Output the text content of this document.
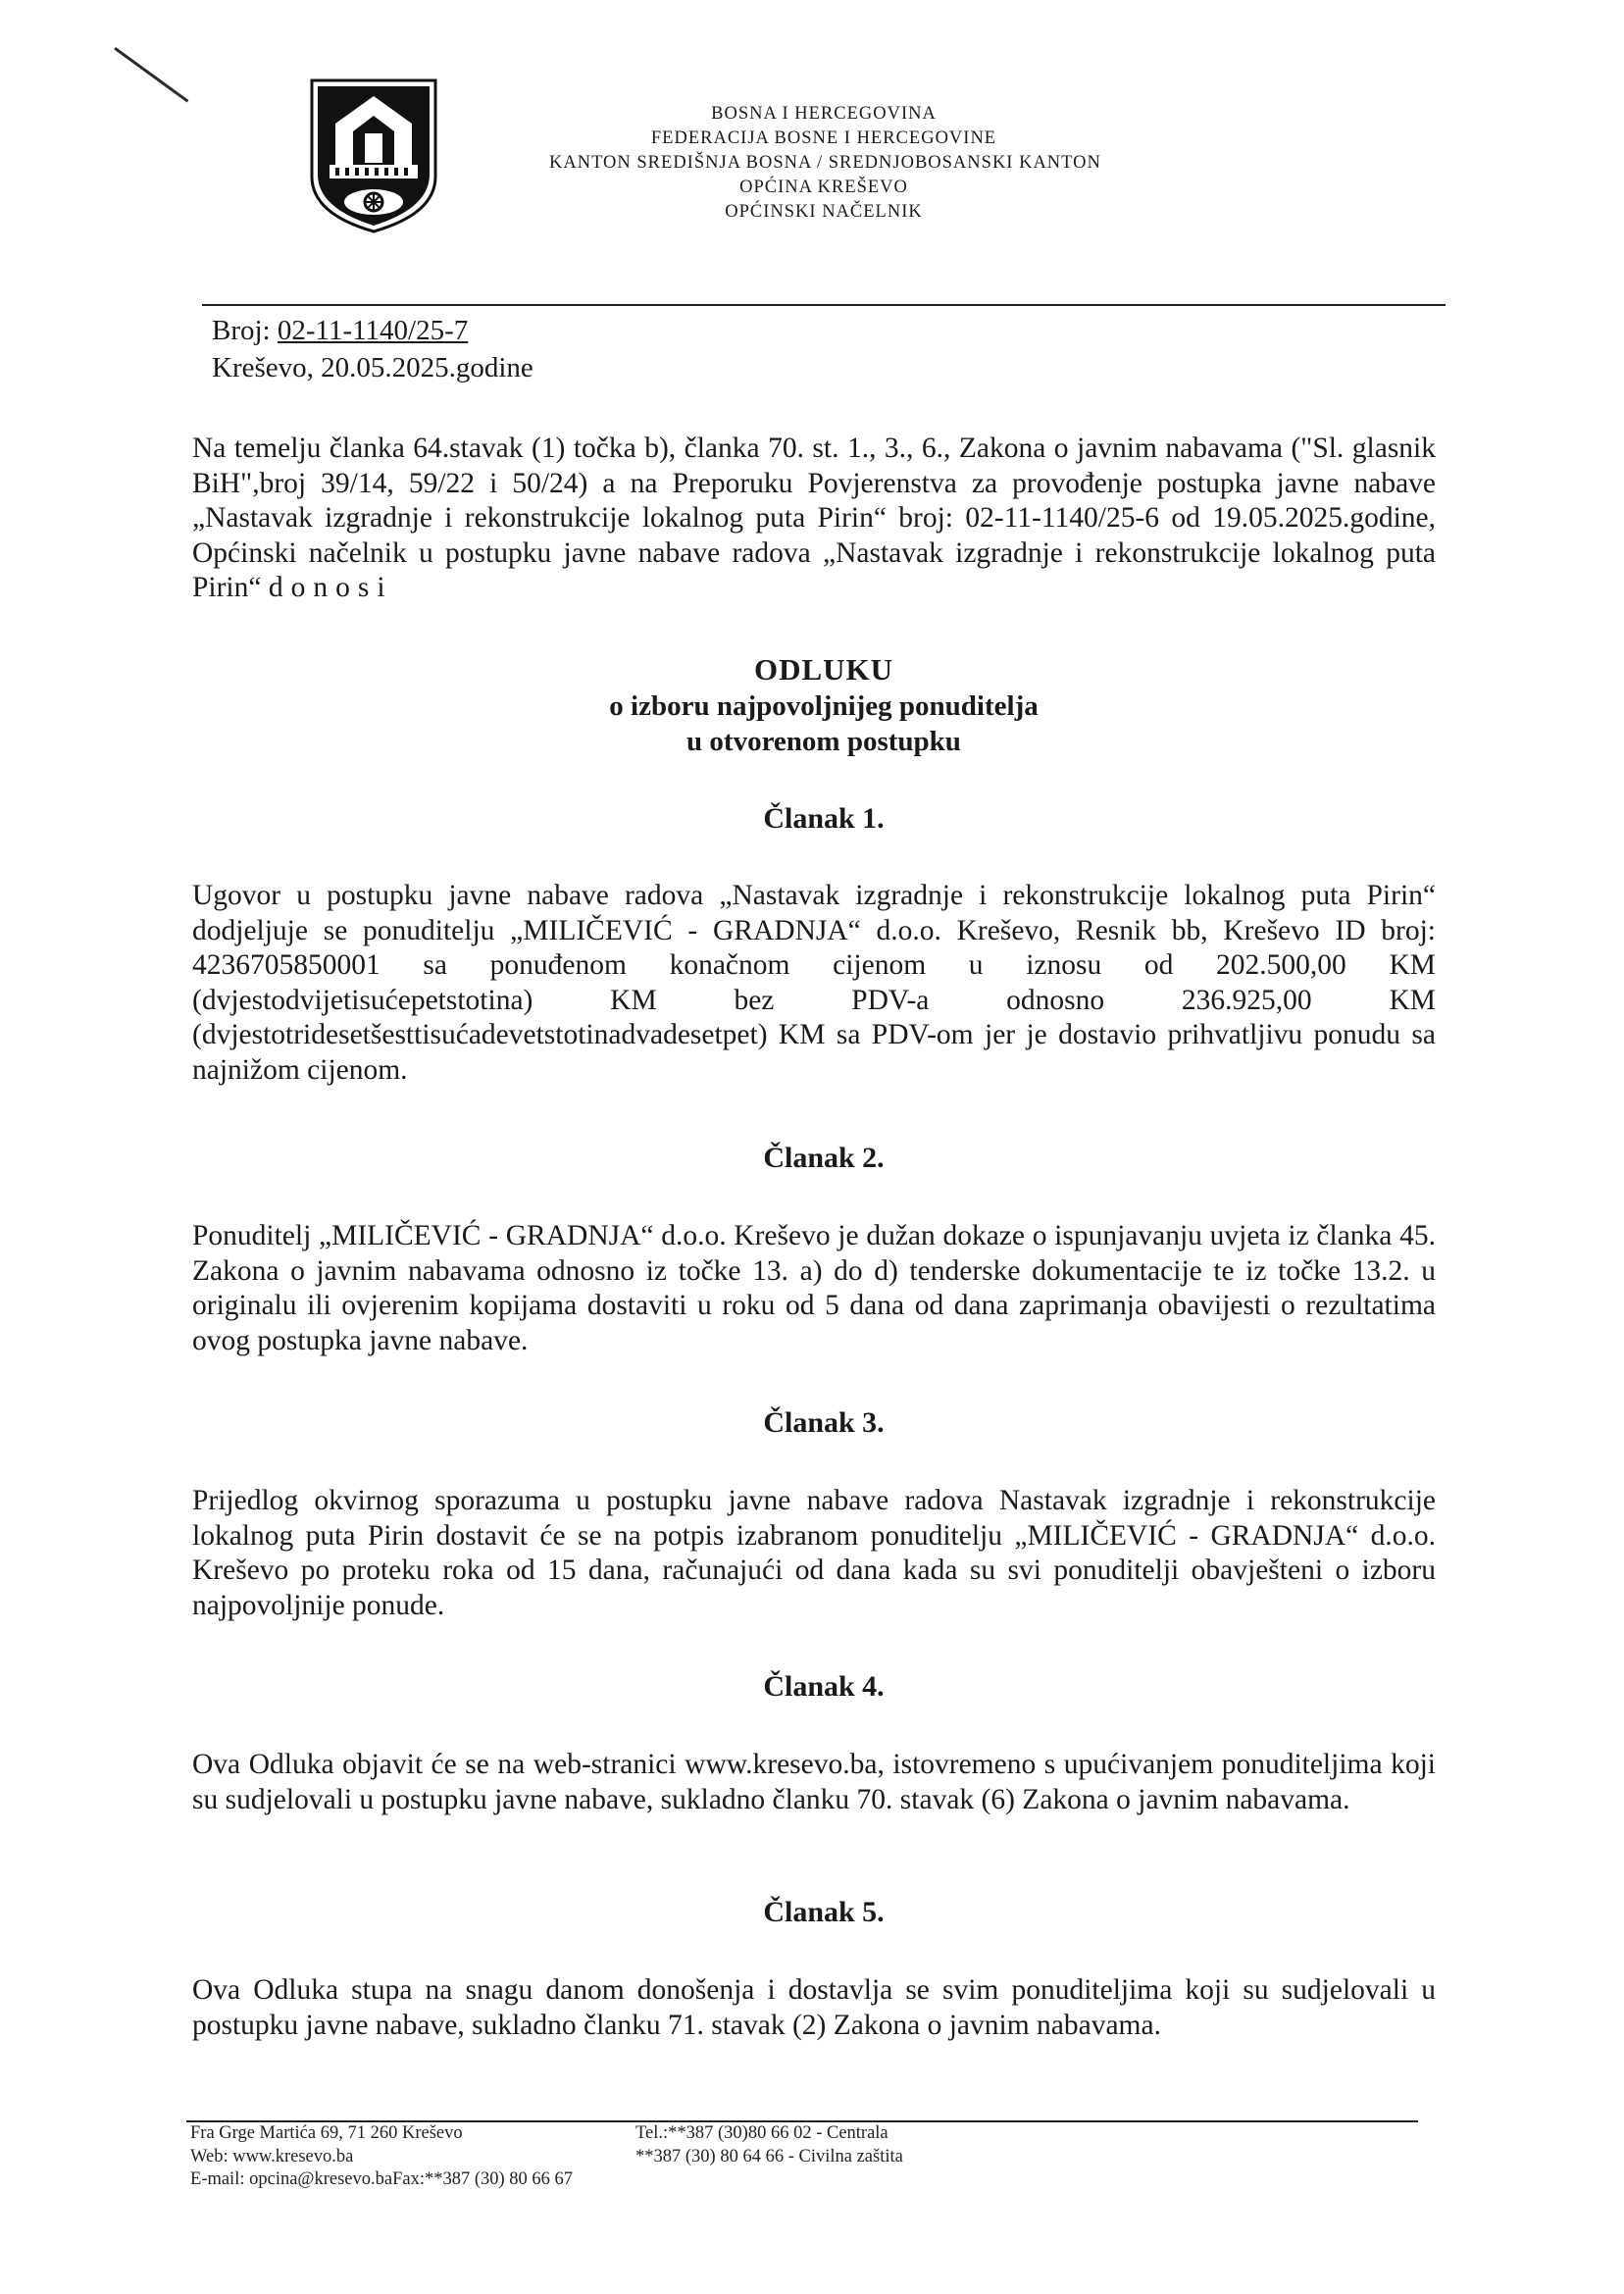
BOSNA I HERCEGOVINA
FEDERACIJA BOSNE I HERCEGOVINE
KANTON SREDIŠNJA BOSNA / SREDNJOBOSANSKI KANTON
OPĆINA KREŠEVO
OPĆINSKI NAČELNIK
Broj: 02-11-1140/25-7
Kreševo, 20.05.2025.godine
Na temelju članka 64.stavak (1) točka b), članka 70. st. 1., 3., 6., Zakona o javnim nabavama ("Sl. glasnik BiH",broj 39/14, 59/22 i 50/24) a na Preporuku Povjerenstva za provođenje postupka javne nabave „Nastavak izgradnje i rekonstrukcije lokalnog puta Pirin“ broj: 02-11-1140/25-6 od 19.05.2025.godine, Općinski načelnik u postupku javne nabave radova „Nastavak izgradnje i rekonstrukcije lokalnog puta Pirin“ donosi
ODLUKU
o izboru najpovoljnijeg ponuditelja
u otvorenom postupku
Članak 1.
Ugovor u postupku javne nabave radova „Nastavak izgradnje i rekonstrukcije lokalnog puta Pirin“ dodjeljuje se ponuditelju „MILIČEVIĆ - GRADNJA“ d.o.o. Kreševo, Resnik bb, Kreševo ID broj: 4236705850001 sa ponuđenom konačnom cijenom u iznosu od 202.500,00 KM (dvjestodvijetisućepetstotina) KM bez PDV-a odnosno 236.925,00 KM (dvjestotridesetšesttisućadevetstotinadvadesetpet) KM sa PDV-om jer je dostavio prihvatljivu ponudu sa najnižom cijenom.
Članak 2.
Ponuditelj „MILIČEVIĆ - GRADNJA“ d.o.o. Kreševo je dužan dokaze o ispunjavanju uvjeta iz članka 45. Zakona o javnim nabavama odnosno iz točke 13. a) do d) tenderske dokumentacije te iz točke 13.2. u originalu ili ovjerenim kopijama dostaviti u roku od 5 dana od dana zaprimanja obavijesti o rezultatima ovog postupka javne nabave.
Članak 3.
Prijedlog okvirnog sporazuma u postupku javne nabave radova Nastavak izgradnje i rekonstrukcije lokalnog puta Pirin dostavit će se na potpis izabranom ponuditelju „MILIČEVIĆ - GRADNJA“ d.o.o. Kreševo po proteku roka od 15 dana, računajući od dana kada su svi ponuditelji obavješteni o izboru najpovoljnije ponude.
Članak 4.
Ova Odluka objavit će se na web-stranici www.kresevo.ba, istovremeno s upućivanjem ponuditeljima koji su sudjelovali u postupku javne nabave, sukladno članku 70. stavak (6) Zakona o javnim nabavama.
Članak 5.
Ova Odluka stupa na snagu danom donošenja i dostavlja se svim ponuditeljima koji su sudjelovali u postupku javne nabave, sukladno članku 71. stavak (2) Zakona o javnim nabavama.
Fra Grge Martića 69, 71 260 Kreševo
Web: www.kresevo.ba
E-mail: opcina@kresevo.baFax:**387 (30) 80 66 67
Tel.:**387 (30)80 66 02 - Centrala
**387 (30) 80 64 66 - Civilna zaštita
